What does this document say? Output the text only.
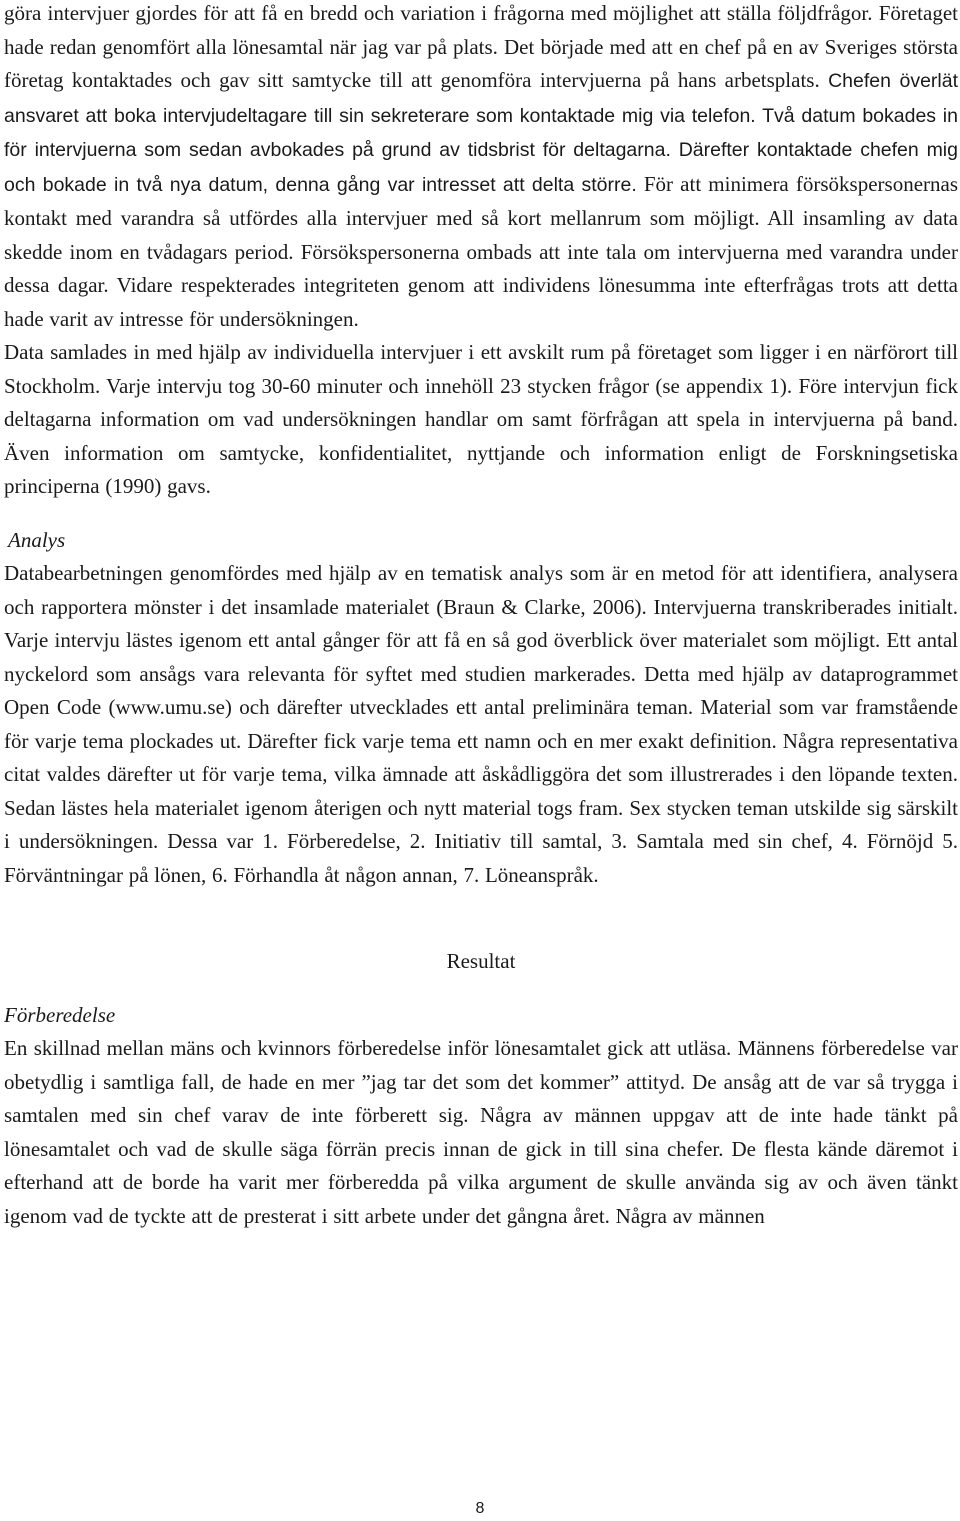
göra intervjuer gjordes för att få en bredd och variation i frågorna med möjlighet att ställa följdfrågor. Företaget hade redan genomfört alla lönesamtal när jag var på plats. Det började med att en chef på en av Sveriges största företag kontaktades och gav sitt samtycke till att genomföra intervjuerna på hans arbetsplats. Chefen överlät ansvaret att boka intervjudeltagare till sin sekreterare som kontaktade mig via telefon. Två datum bokades in för intervjuerna som sedan avbokades på grund av tidsbrist för deltagarna. Därefter kontaktade chefen mig och bokade in två nya datum, denna gång var intresset att delta större. För att minimera försökspersonernas kontakt med varandra så utfördes alla intervjuer med så kort mellanrum som möjligt. All insamling av data skedde inom en tvådagars period. Försökspersonerna ombads att inte tala om intervjuerna med varandra under dessa dagar. Vidare respekterades integriteten genom att individens lönesumma inte efterfrågas trots att detta hade varit av intresse för undersökningen.

Data samlades in med hjälp av individuella intervjuer i ett avskilt rum på företaget som ligger i en närförort till Stockholm. Varje intervju tog 30-60 minuter och innehöll 23 stycken frågor (se appendix 1). Före intervjun fick deltagarna information om vad undersökningen handlar om samt förfrågan att spela in intervjuerna på band. Även information om samtycke, konfidentialitet, nyttjande och information enligt de Forskningsetiska principerna (1990) gavs.

Analys

Databearbetningen genomfördes med hjälp av en tematisk analys som är en metod för att identifiera, analysera och rapportera mönster i det insamlade materialet (Braun & Clarke, 2006). Intervjuerna transkriberades initialt. Varje intervju lästes igenom ett antal gånger för att få en så god överblick över materialet som möjligt. Ett antal nyckelord som ansågs vara relevanta för syftet med studien markerades. Detta med hjälp av dataprogrammet Open Code (www.umu.se) och därefter utvecklades ett antal preliminära teman. Material som var framstående för varje tema plockades ut. Därefter fick varje tema ett namn och en mer exakt definition. Några representativa citat valdes därefter ut för varje tema, vilka ämnade att åskådliggöra det som illustrerades i den löpande texten. Sedan lästes hela materialet igenom återigen och nytt material togs fram. Sex stycken teman utskilde sig särskilt i undersökningen. Dessa var 1. Förberedelse, 2. Initiativ till samtal, 3. Samtala med sin chef, 4. Förnöjd 5. Förväntningar på lönen, 6. Förhandla åt någon annan, 7. Löneanspråk.

Resultat

Förberedelse

En skillnad mellan mäns och kvinnors förberedelse inför lönesamtalet gick att utläsa. Männens förberedelse var obetydlig i samtliga fall, de hade en mer ”jag tar det som det kommer” attityd. De ansåg att de var så trygga i samtalen med sin chef varav de inte förberett sig. Några av männen uppgav att de inte hade tänkt på lönesamtalet och vad de skulle säga förrän precis innan de gick in till sina chefer. De flesta kände däremot i efterhand att de borde ha varit mer förberedda på vilka argument de skulle använda sig av och även tänkt igenom vad de tyckte att de presterat i sitt arbete under det gångna året. Några av männen

8
